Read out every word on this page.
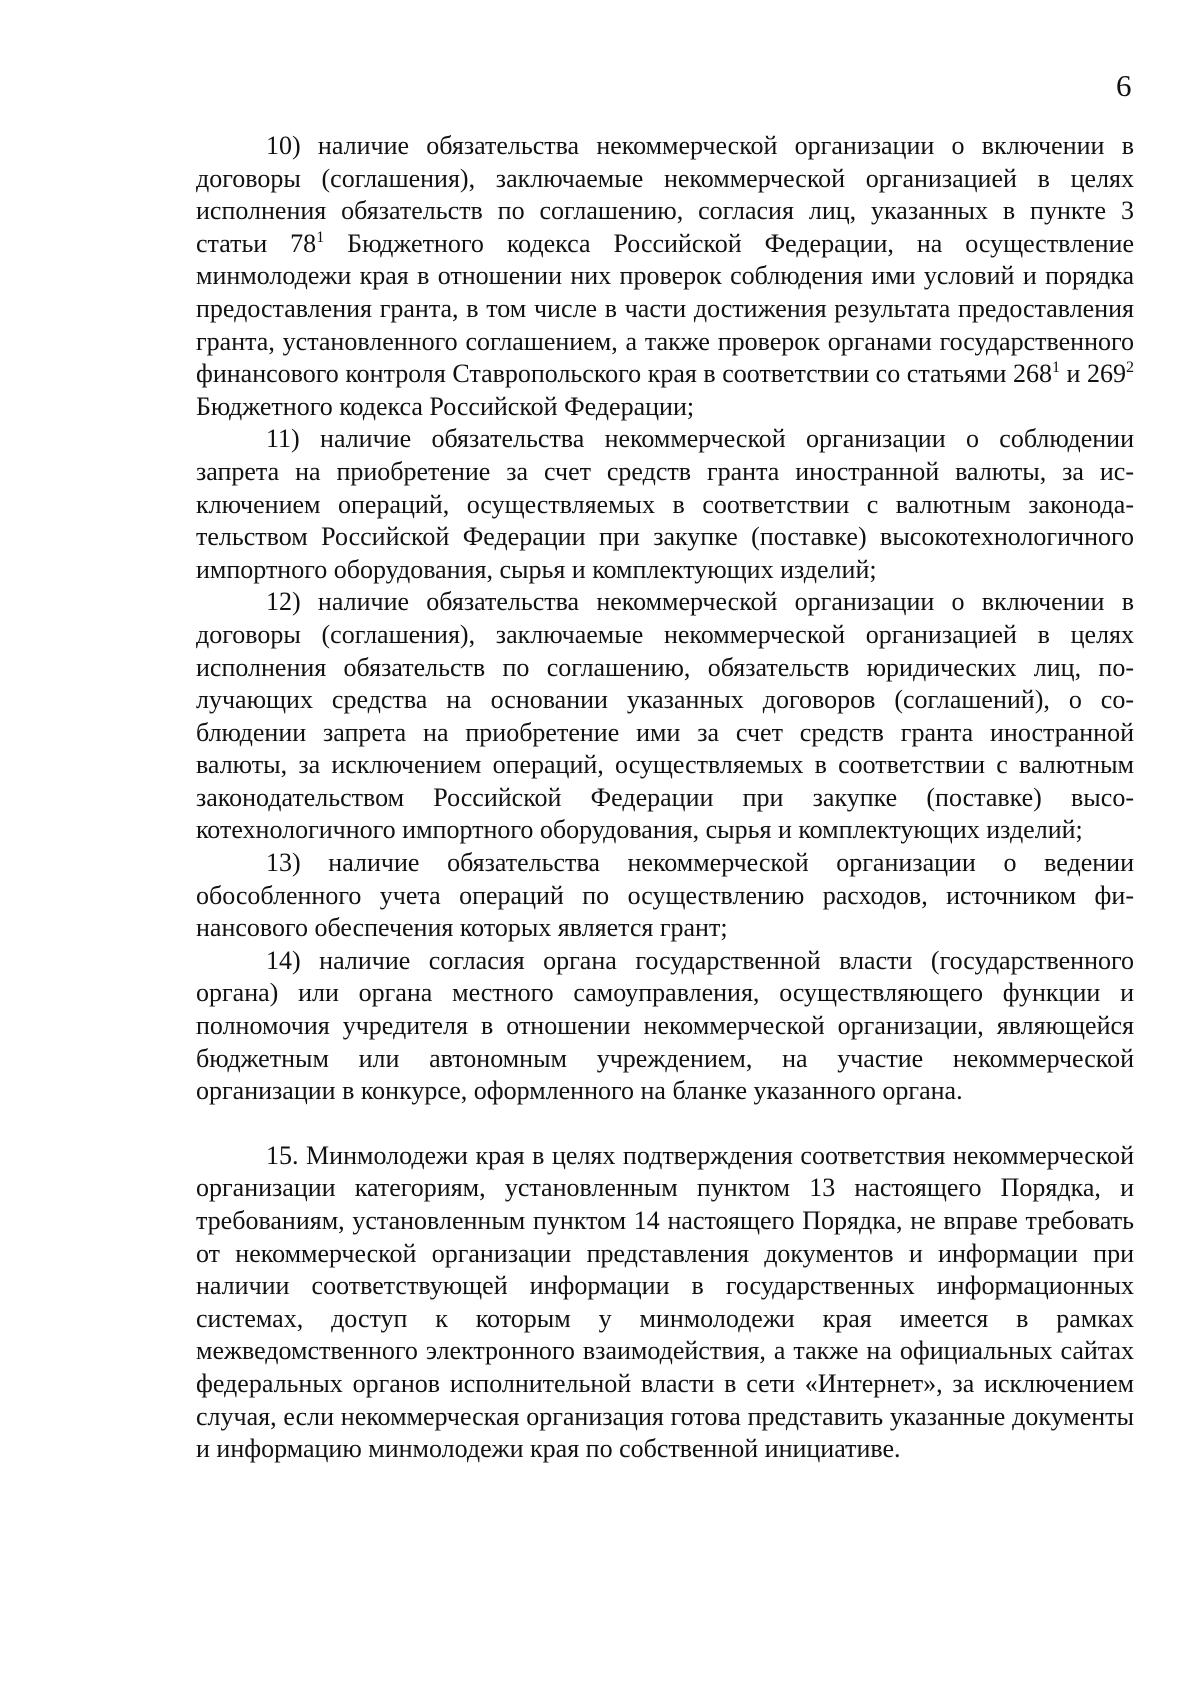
6

10) наличие обязательства некоммерческой организации о включении в договоры (соглашения), заключаемые некоммерческой организацией в целях исполнения обязательств по соглашению, согласия лиц, указанных в пункте 3 статьи $78^1$ Бюджетного кодекса Российской Федерации, на осуществление минмолодежи края в отношении них проверок соблюдения ими условий и порядка предоставления гранта, в том числе в части достижения результата предоставления гранта, установленного соглашением, а также проверок органами государственного финансового контроля Ставропольского края в соответствии со статьями $268^1$ и $269^2$ Бюджетного кодекса Российской Федерации;

11) наличие обязательства некоммерческой организации о соблюдении запрета на приобретение за счет средств гранта иностранной валюты, за исключением операций, осуществляемых в соответствии с валютным законодательством Российской Федерации при закупке (поставке) высокотехнологичного импортного оборудования, сырья и комплектующих изделий;

12) наличие обязательства некоммерческой организации о включении в договоры (соглашения), заключаемые некоммерческой организацией в целях исполнения обязательств по соглашению, обязательств юридических лиц, получающих средства на основании указанных договоров (соглашений), о соблюдении запрета на приобретение ими за счет средств гранта иностранной валюты, за исключением операций, осуществляемых в соответствии с валютным законодательством Российской Федерации при закупке (поставке) высокотехнологичного импортного оборудования, сырья и комплектующих изделий;

13) наличие обязательства некоммерческой организации о ведении обособленного учета операций по осуществлению расходов, источником финансового обеспечения которых является грант;

14) наличие согласия органа государственной власти (государственного органа) или органа местного самоуправления, осуществляющего функции и полномочия учредителя в отношении некоммерческой организации, являющейся бюджетным или автономным учреждением, на участие некоммерческой организации в конкурсе, оформленного на бланке указанного органа.

15. Минмолодежи края в целях подтверждения соответствия некоммерческой организации категориям, установленным пунктом 13 настоящего Порядка, и требованиям, установленным пунктом 14 настоящего Порядка, не вправе требовать от некоммерческой организации представления документов и информации при наличии соответствующей информации в государственных информационных системах, доступ к которым у минмолодежи края имеется в рамках межведомственного электронного взаимодействия, а также на официальных сайтах федеральных органов исполнительной власти в сети «Интернет», за исключением случая, если некоммерческая организация готова представить указанные документы и информацию минмолодежи края по собственной инициативе.
